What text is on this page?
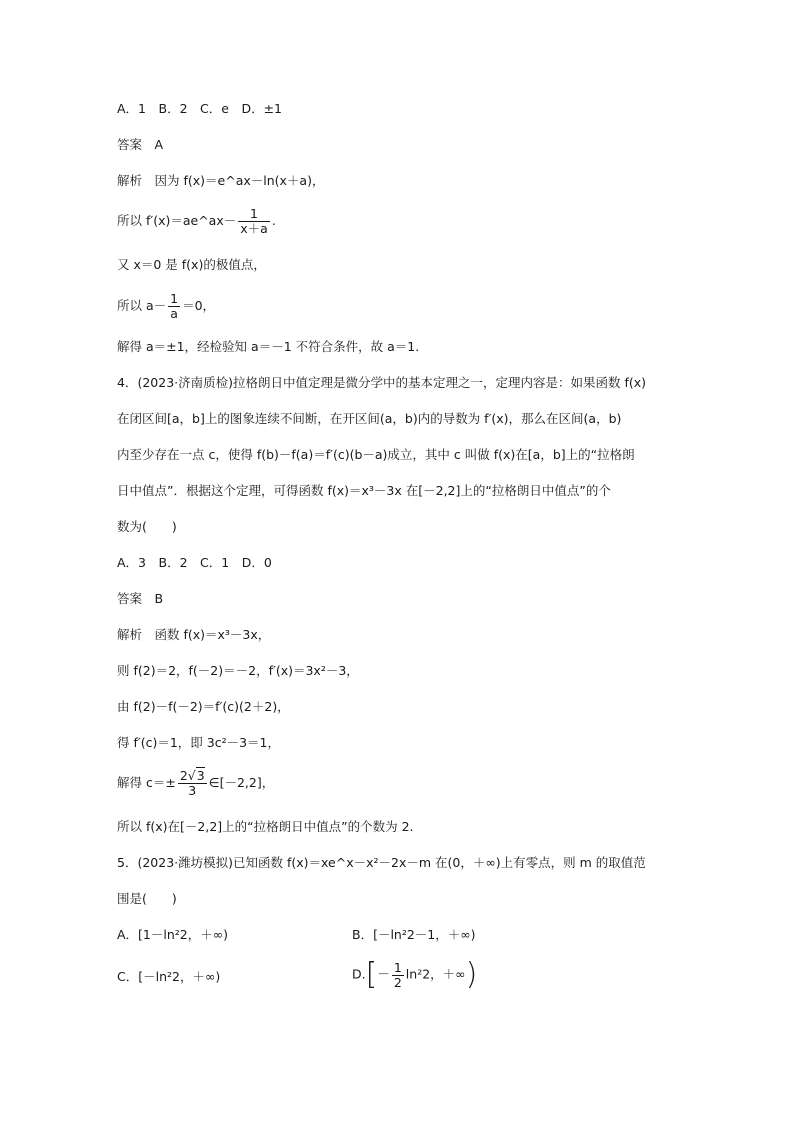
A．1　B．2　C．e　D．±1
答案　A
解析　因为 f(x)＝e^ax－ln(x＋a)，
所以 f′(x)＝ae^ax－ $\frac{1}{x+a}$ .
又 x＝0 是 f(x)的极值点，
所以 $a- \frac{1}{a} =0$，
解得 a＝±1，经检验知 a＝－1 不符合条件，故 a＝1.
4．(2023·济南质检)拉格朗日中值定理是微分学中的基本定理之一，定理内容是：如果函数 f(x)
在闭区间[a，b]上的图象连续不间断，在开区间(a，b)内的导数为 f′(x)，那么在区间(a，b)
内至少存在一点 c，使得 f(b)－f(a)＝f′(c)(b－a)成立，其中 c 叫做 f(x)在[a，b]上的“拉格朗
日中值点”．根据这个定理，可得函数 f(x)＝x³－3x 在[－2,2]上的“拉格朗日中值点”的个
数为(　　)
A．3　B．2　C．1　D．0
答案　B
解析　函数 f(x)＝x³－3x，
则 f(2)＝2，f(－2)＝－2，f′(x)＝3x²－3，
由 f(2)－f(－2)＝f′(c)(2＋2)，
得 f′(c)＝1，即 3c²－3＝1，
解得 $c=\pm \frac{2√3}{3}$ ∈[－2,2]，
所以 f(x)在[－2,2]上的“拉格朗日中值点”的个数为 2.
5．(2023·潍坊模拟)已知函数 f(x)＝xe^x－x²－2x－m 在(0，＋∞)上有零点，则 m 的取值范
围是(　　)
A．[1－ln²2，＋∞)	B．[－ln²2－1，＋∞)
C．[－ln²2，＋∞)	$D.[- \frac{1}{2} \ln^22$，＋∞)
